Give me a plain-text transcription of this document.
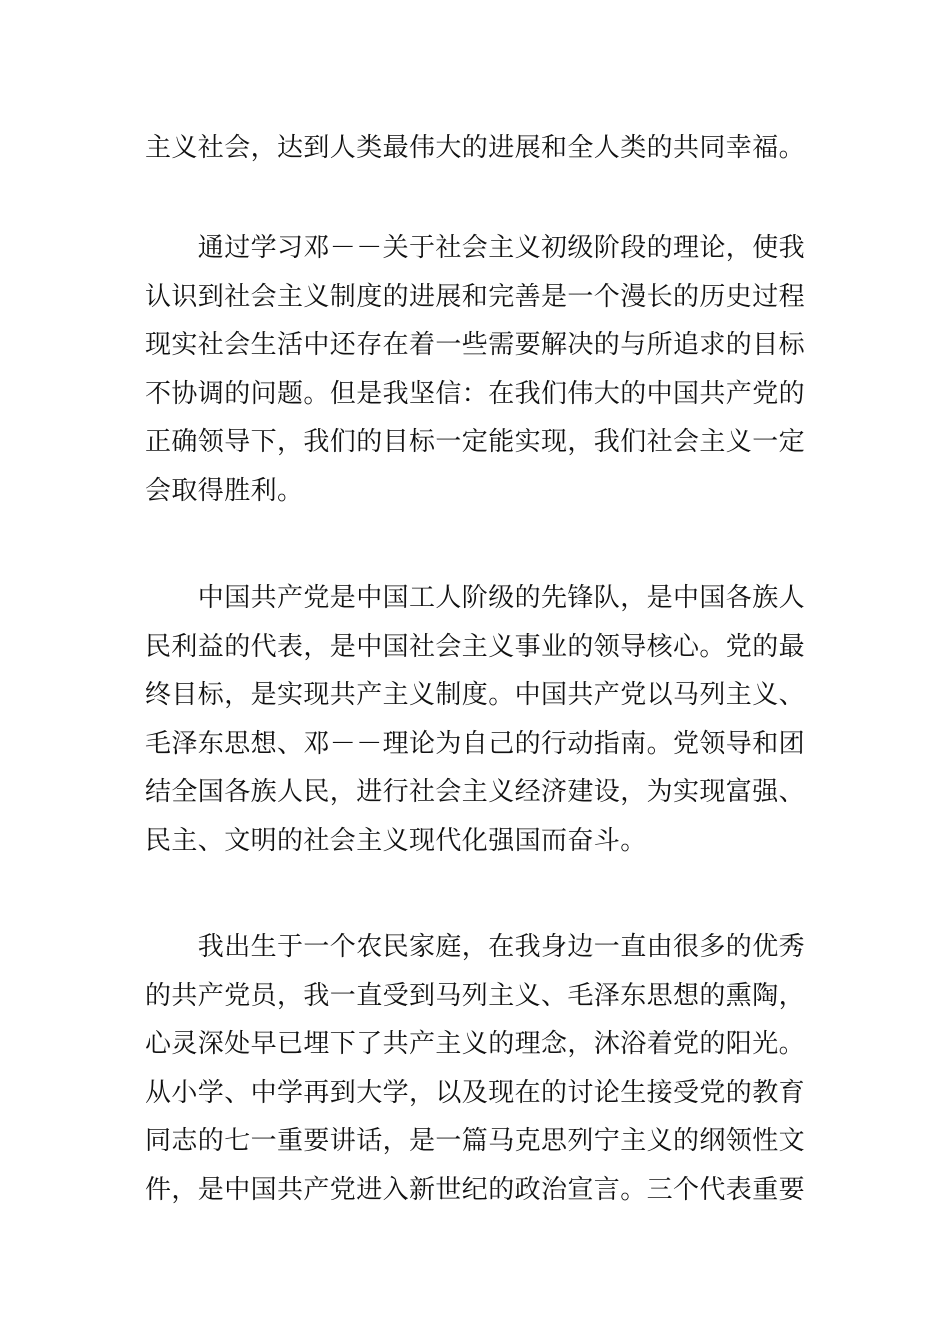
主义社会，达到人类最伟大的进展和全人类的共同幸福。
　　通过学习邓－－关于社会主义初级阶段的理论，使我
认识到社会主义制度的进展和完善是一个漫长的历史过程
现实社会生活中还存在着一些需要解决的与所追求的目标
不协调的问题。但是我坚信：在我们伟大的中国共产党的
正确领导下，我们的目标一定能实现，我们社会主义一定
会取得胜利。
　　中国共产党是中国工人阶级的先锋队，是中国各族人
民利益的代表，是中国社会主义事业的领导核心。党的最
终目标，是实现共产主义制度。中国共产党以马列主义、
毛泽东思想、邓－－理论为自己的行动指南。党领导和团
结全国各族人民，进行社会主义经济建设，为实现富强、
民主、文明的社会主义现代化强国而奋斗。
　　我出生于一个农民家庭，在我身边一直由很多的优秀
的共产党员，我一直受到马列主义、毛泽东思想的熏陶，
心灵深处早已埋下了共产主义的理念，沐浴着党的阳光。
从小学、中学再到大学，以及现在的讨论生接受党的教育
同志的七一重要讲话，是一篇马克思列宁主义的纲领性文
件，是中国共产党进入新世纪的政治宣言。三个代表重要
